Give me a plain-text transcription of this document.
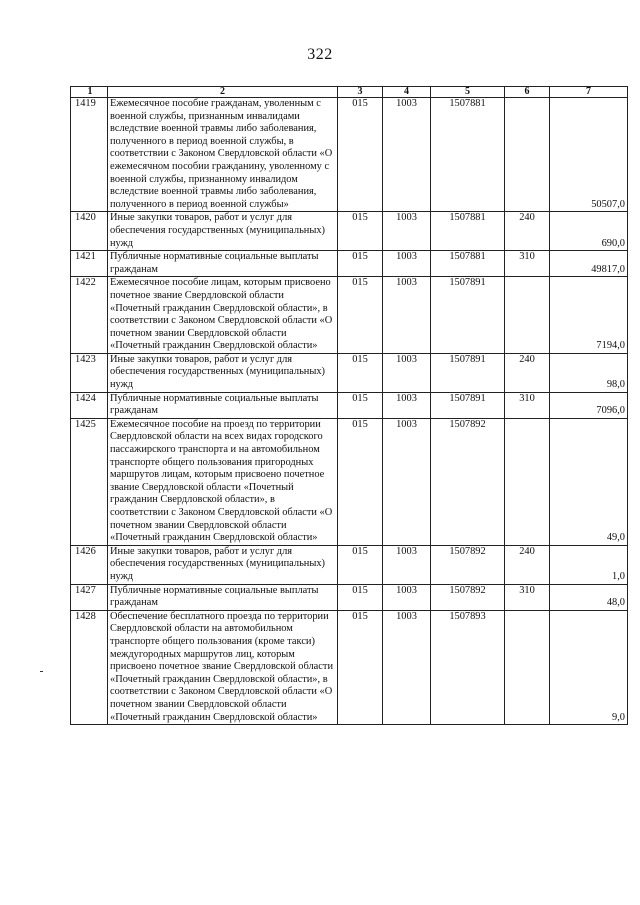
322
1	2	3	4	5	6	7
1419	Ежемесячное пособие гражданам, уволенным с военной службы, признанным инвалидами вследствие военной травмы либо заболевания, полученного в период военной службы, в соответствии с Законом Свердловской области «О ежемесячном пособии гражданину, уволенному с военной службы, признанному инвалидом вследствие военной травмы либо заболевания, полученного в период военной службы»	015	1003	1507881		50507,0
1420	Иные закупки товаров, работ и услуг для обеспечения государственных (муниципальных) нужд	015	1003	1507881	240	690,0
1421	Публичные нормативные социальные выплаты гражданам	015	1003	1507881	310	49817,0
1422	Ежемесячное пособие лицам, которым присвоено почетное звание Свердловской области «Почетный гражданин Свердловской области», в соответствии с Законом Свердловской области «О почетном звании Свердловской области «Почетный гражданин Свердловской области»	015	1003	1507891		7194,0
1423	Иные закупки товаров, работ и услуг для обеспечения государственных (муниципальных) нужд	015	1003	1507891	240	98,0
1424	Публичные нормативные социальные выплаты гражданам	015	1003	1507891	310	7096,0
1425	Ежемесячное пособие на проезд по территории Свердловской области на всех видах городского пассажирского транспорта и на автомобильном транспорте общего пользования пригородных маршрутов лицам, которым присвоено почетное звание Свердловской области «Почетный гражданин Свердловской области», в соответствии с Законом Свердловской области «О почетном звании Свердловской области «Почетный гражданин Свердловской области»	015	1003	1507892		49,0
1426	Иные закупки товаров, работ и услуг для обеспечения государственных (муниципальных) нужд	015	1003	1507892	240	1,0
1427	Публичные нормативные социальные выплаты гражданам	015	1003	1507892	310	48,0
1428	Обеспечение бесплатного проезда по территории Свердловской области на автомобильном транспорте общего пользования (кроме такси) междугородных маршрутов лиц, которым присвоено почетное звание Свердловской области «Почетный гражданин Свердловской области», в соответствии с Законом Свердловской области «О почетном звании Свердловской области «Почетный гражданин Свердловской области»	015	1003	1507893		9,0
